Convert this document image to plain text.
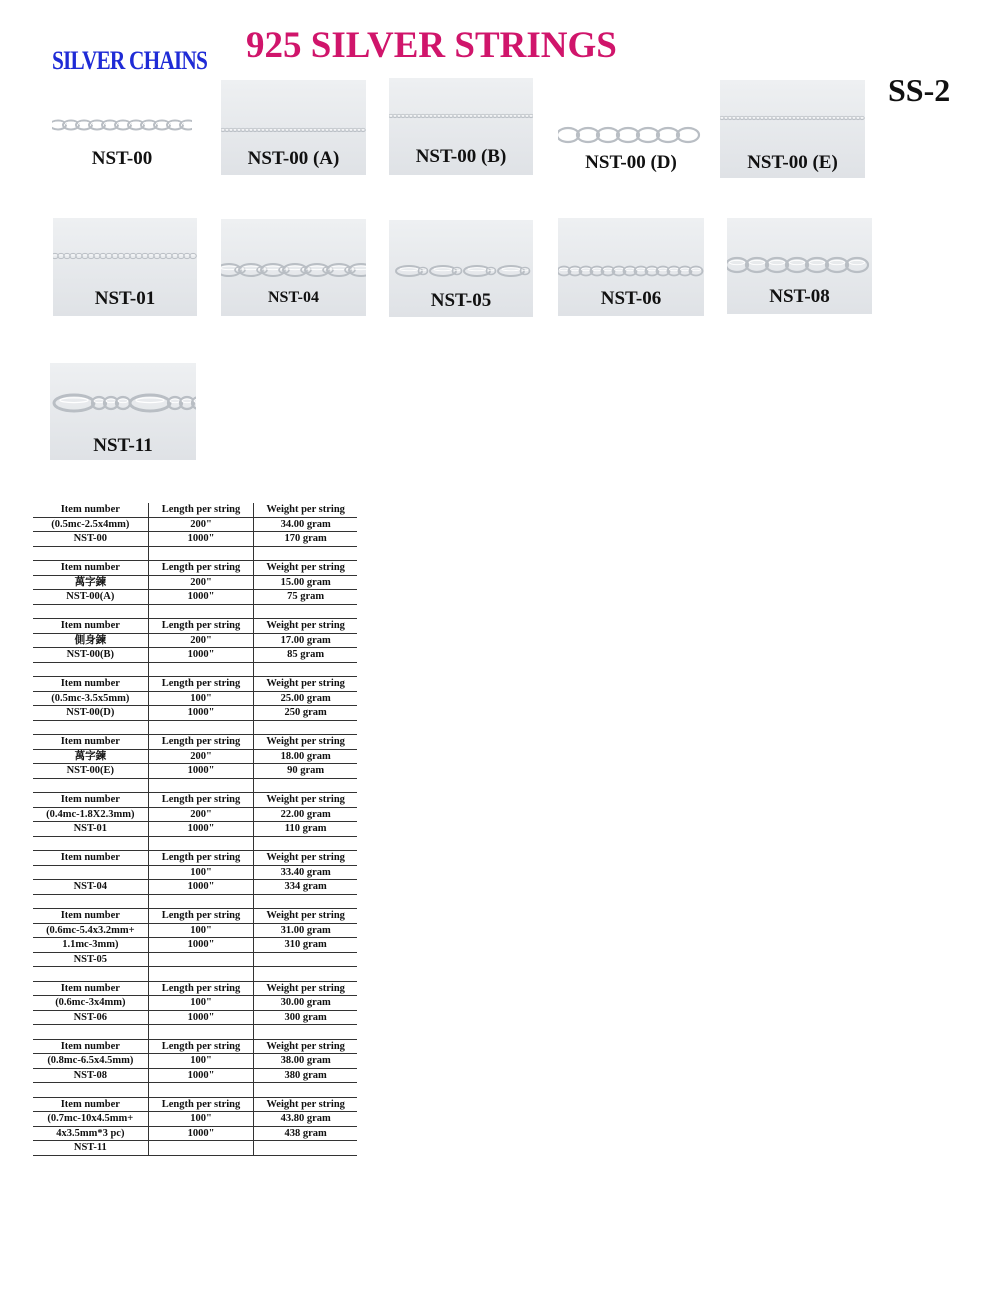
SILVER CHAINS 925 SILVER STRINGS
SS-2
NST-00	NST-00 (A)	NST-00 (B)	NST-00 (D)	NST-00 (E)
NST-01	NST-04	NST-05	NST-06	NST-08
NST-11
Item number	Length per string	Weight per string
(0.5mc-2.5x4mm)	200"	34.00 gram
NST-00	1000"	170 gram

Item number	Length per string	Weight per string
萬字鍊	200"	15.00 gram
NST-00(A)	1000"	75 gram

Item number	Length per string	Weight per string
側身鍊	200"	17.00 gram
NST-00(B)	1000"	85 gram

Item number	Length per string	Weight per string
(0.5mc-3.5x5mm)	100"	25.00 gram
NST-00(D)	1000"	250 gram

Item number	Length per string	Weight per string
萬字鍊	200"	18.00 gram
NST-00(E)	1000"	90 gram

Item number	Length per string	Weight per string
(0.4mc-1.8X2.3mm)	200"	22.00 gram
NST-01	1000"	110 gram

Item number	Length per string	Weight per string
	100"	33.40 gram
NST-04	1000"	334 gram

Item number	Length per string	Weight per string
(0.6mc-5.4x3.2mm+	100"	31.00 gram
1.1mc-3mm)	1000"	310 gram
NST-05		

Item number	Length per string	Weight per string
(0.6mc-3x4mm)	100"	30.00 gram
NST-06	1000"	300 gram

Item number	Length per string	Weight per string
(0.8mc-6.5x4.5mm)	100"	38.00 gram
NST-08	1000"	380 gram

Item number	Length per string	Weight per string
(0.7mc-10x4.5mm+	100"	43.80 gram
4x3.5mm*3 pc)	1000"	438 gram
NST-11		
